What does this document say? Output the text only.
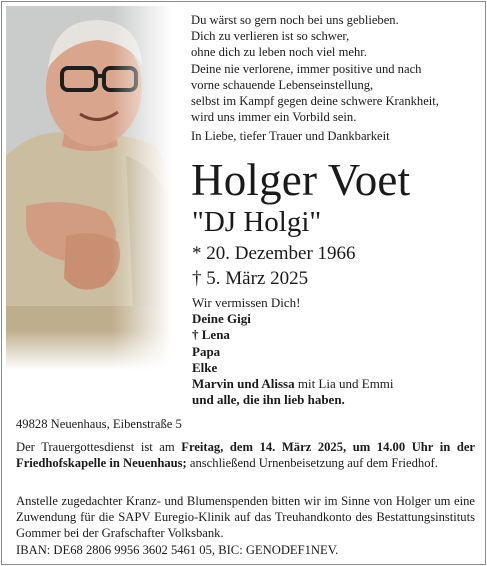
Du wärst so gern noch bei uns geblieben.
Dich zu verlieren ist so schwer,
ohne dich zu leben noch viel mehr.
Deine nie verlorene, immer positive und nach
vorne schauende Lebenseinstellung,
selbst im Kampf gegen deine schwere Krankheit,
wird uns immer ein Vorbild sein.
In Liebe, tiefer Trauer und Dankbarkeit
Holger Voet
"DJ Holgi"
* 20. Dezember 1966
† 5. März 2025
Wir vermissen Dich!
Deine Gigi
† Lena
Papa
Elke
Marvin und Alissa mit Lia und Emmi
und alle, die ihn lieb haben.
49828 Neuenhaus, Eibenstraße 5
Der Trauergottesdienst ist am Freitag, dem 14. März 2025, um 14.00 Uhr in der Friedhofskapelle in Neuenhaus; anschließend Urnenbeisetzung auf dem Friedhof.
Anstelle zugedachter Kranz- und Blumenspenden bitten wir im Sinne von Holger um eine Zuwendung für die SAPV Euregio-Klinik auf das Treuhandkonto des Bestattungsinstituts Gommer bei der Grafschafter Volksbank.
IBAN: DE68 2806 9956 3602 5461 05, BIC: GENODEF1NEV.
